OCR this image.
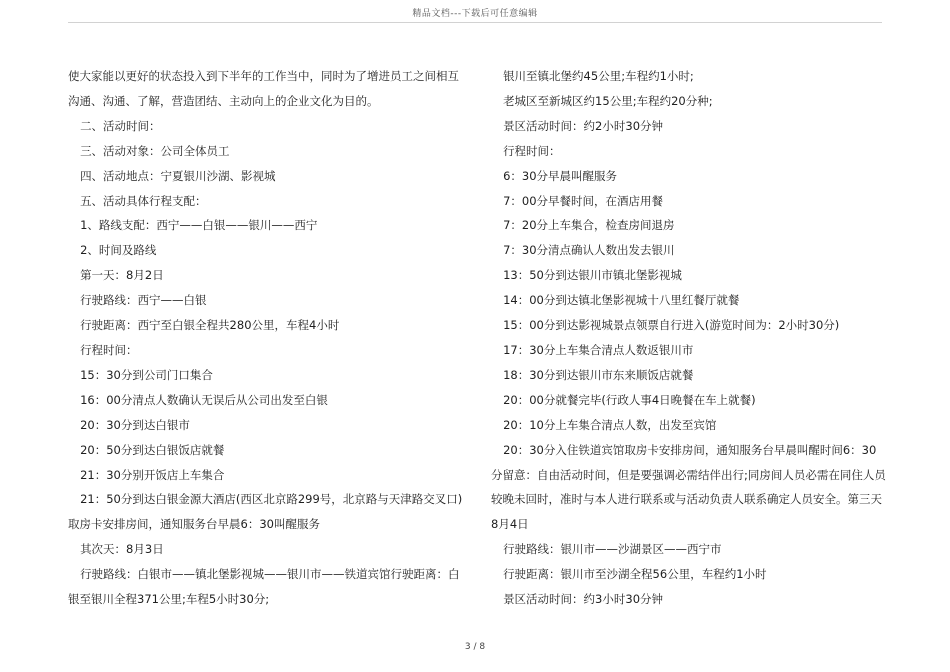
精品文档---下载后可任意编辑

使大家能以更好的状态投入到下半年的工作当中，同时为了增进员工之间相互沟通、沟通、了解，营造团结、主动向上的企业文化为目的。

二、活动时间：

三、活动对象：公司全体员工

四、活动地点：宁夏银川沙湖、影视城

五、活动具体行程支配：

1、路线支配：西宁——白银——银川——西宁

2、时间及路线

第一天：8月2日

行驶路线：西宁——白银

行驶距离：西宁至白银全程共280公里，车程4小时

行程时间：

15：30分到公司门口集合

16：00分清点人数确认无误后从公司出发至白银

20：30分到达白银市

20：50分到达白银饭店就餐

21：30分别开饭店上车集合

21：50分到达白银金源大酒店(西区北京路299号，北京路与天津路交叉口)取房卡安排房间，通知服务台早晨6：30叫醒服务

其次天：8月3日

行驶路线：白银市——镇北堡影视城——银川市——铁道宾馆行驶距离：白银至银川全程371公里;车程5小时30分;

银川至镇北堡约45公里;车程约1小时;

老城区至新城区约15公里;车程约20分种;

景区活动时间：约2小时30分钟

行程时间：

6：30分早晨叫醒服务

7：00分早餐时间，在酒店用餐

7：20分上车集合，检查房间退房

7：30分清点确认人数出发去银川

13：50分到达银川市镇北堡影视城

14：00分到达镇北堡影视城十八里红餐厅就餐

15：00分到达影视城景点领票自行进入(游览时间为：2小时30分)

17：30分上车集合清点人数返银川市

18：30分到达银川市东来顺饭店就餐

20：00分就餐完毕(行政人事4日晚餐在车上就餐)

20：10分上车集合清点人数，出发至宾馆

20：30分入住铁道宾馆取房卡安排房间，通知服务台早晨叫醒时间6：30分留意：自由活动时间，但是要强调必需结伴出行;同房间人员必需在同住人员较晚未回时，准时与本人进行联系或与活动负责人联系确定人员安全。第三天8月4日

行驶路线：银川市——沙湖景区——西宁市

行驶距离：银川市至沙湖全程56公里，车程约1小时

景区活动时间：约3小时30分钟

3 / 8
